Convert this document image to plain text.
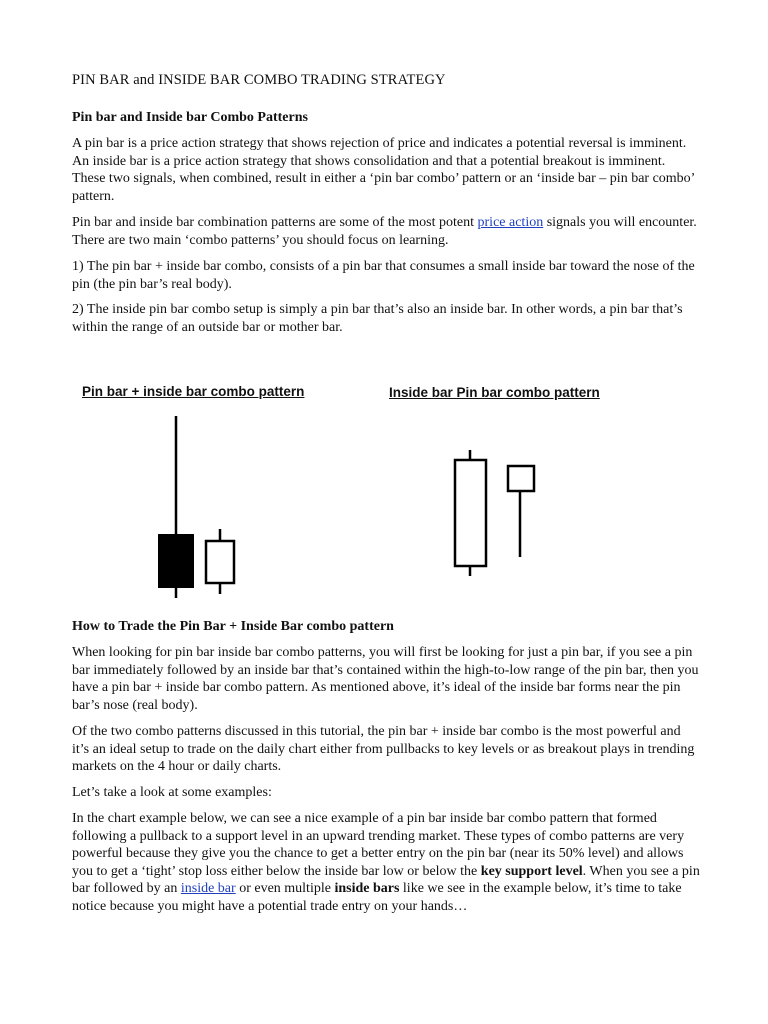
PIN BAR and INSIDE BAR COMBO TRADING STRATEGY
Pin bar and Inside bar Combo Patterns

A pin bar is a price action strategy that shows rejection of price and indicates a potential reversal is imminent. An inside bar is a price action strategy that shows consolidation and that a potential breakout is imminent. These two signals, when combined, result in either a ‘pin bar combo’ pattern or an ‘inside bar – pin bar combo’ pattern.

Pin bar and inside bar combination patterns are some of the most potent price action signals you will encounter. There are two main ‘combo patterns’ you should focus on learning.

1) The pin bar + inside bar combo, consists of a pin bar that consumes a small inside bar toward the nose of the pin (the pin bar’s real body).

2) The inside pin bar combo setup is simply a pin bar that’s also an inside bar. In other words, a pin bar that’s within the range of an outside bar or mother bar.

Pin bar + inside bar combo pattern	Inside bar Pin bar combo pattern
How to Trade the Pin Bar + Inside Bar combo pattern

When looking for pin bar inside bar combo patterns, you will first be looking for just a pin bar, if you see a pin bar immediately followed by an inside bar that’s contained within the high-to-low range of the pin bar, then you have a pin bar + inside bar combo pattern. As mentioned above, it’s ideal of the inside bar forms near the pin bar’s nose (real body).

Of the two combo patterns discussed in this tutorial, the pin bar + inside bar combo is the most powerful and it’s an ideal setup to trade on the daily chart either from pullbacks to key levels or as breakout plays in trending markets on the 4 hour or daily charts.

Let’s take a look at some examples:

In the chart example below, we can see a nice example of a pin bar inside bar combo pattern that formed following a pullback to a support level in an upward trending market. These types of combo patterns are very powerful because they give you the chance to get a better entry on the pin bar (near its 50% level) and allows you to get a ‘tight’ stop loss either below the inside bar low or below the key support level. When you see a pin bar followed by an inside bar or even multiple inside bars like we see in the example below, it’s time to take notice because you might have a potential trade entry on your hands…
